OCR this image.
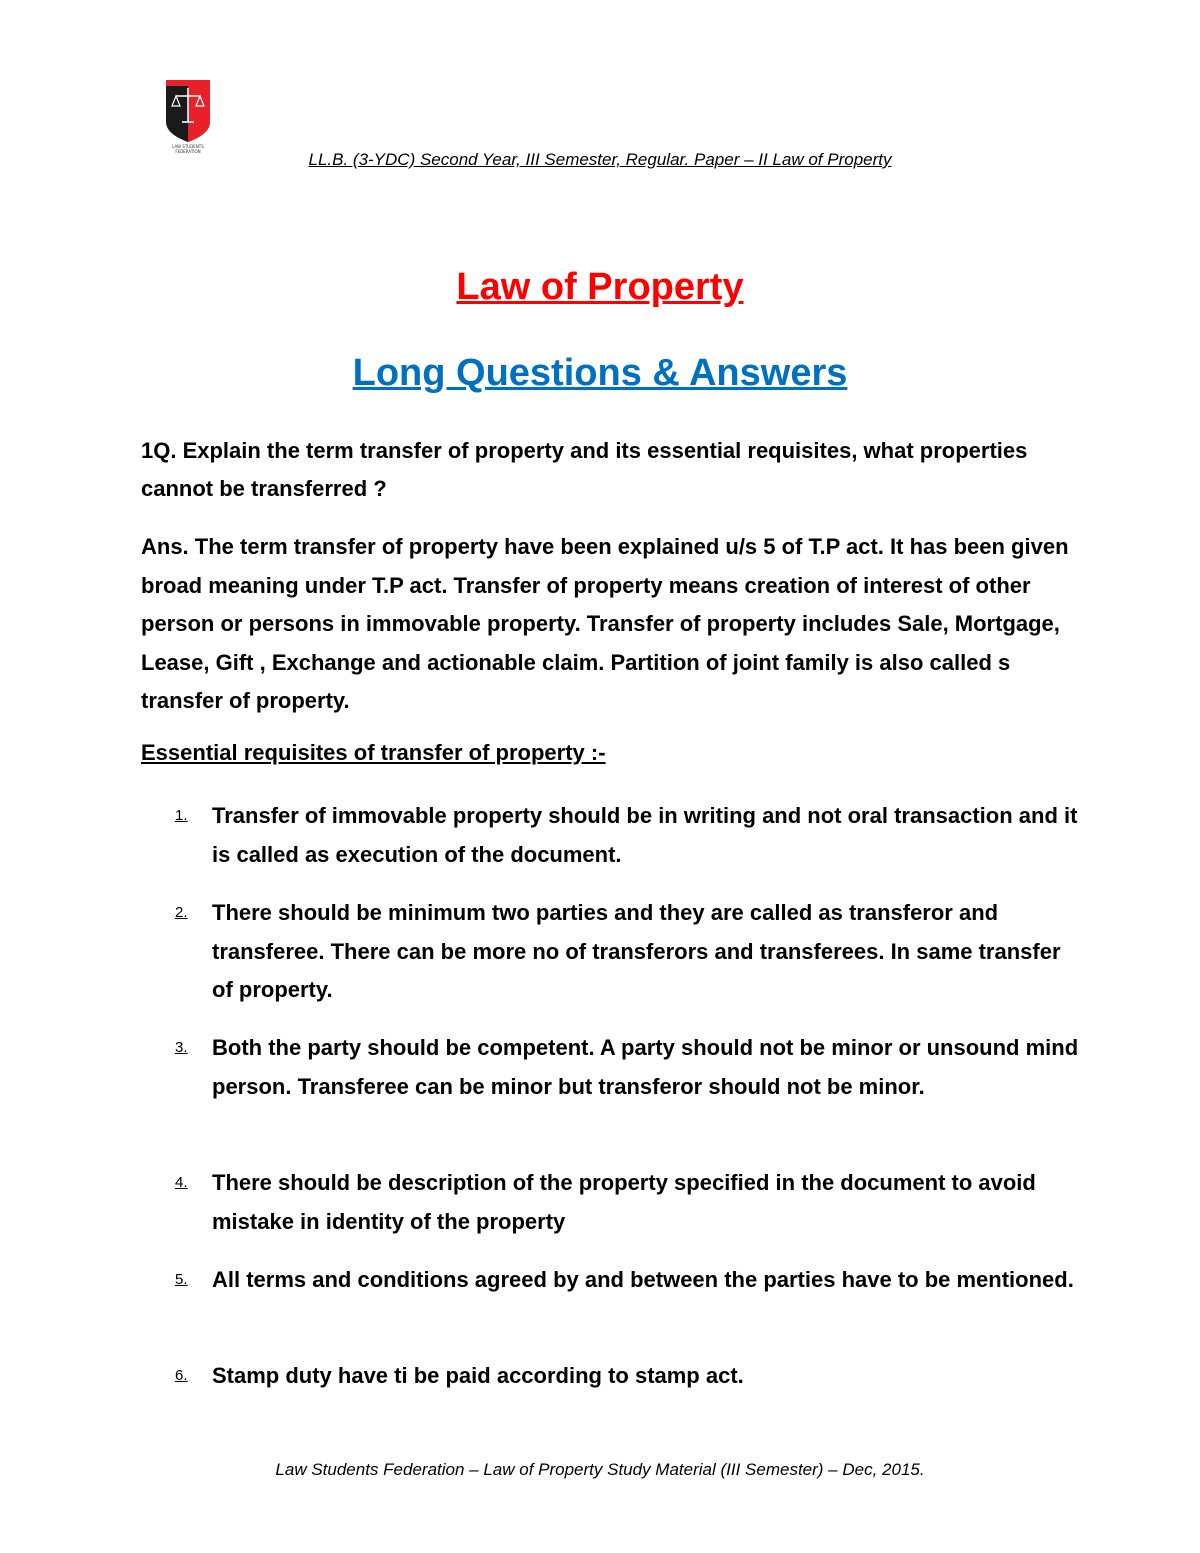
LAW STUDENTS FEDERATION	LL.B. (3-YDC) Second Year, III Semester, Regular. Paper – II Law of Property
Law of Property
Long Questions & Answers
1Q. Explain the term transfer of property and its essential requisites, what properties cannot be transferred ?
Ans. The term transfer of property have been explained u/s 5 of T.P act. It has been given broad meaning under T.P act. Transfer of property means creation of interest of other person or persons in immovable property. Transfer of property includes Sale, Mortgage, Lease, Gift , Exchange and actionable claim. Partition of joint family is also called s transfer of property.
Essential requisites of transfer of property :-
1.	Transfer of immovable property should be in writing and not oral transaction and it is called as execution of the document.
2.	There should be minimum two parties and they are called as transferor and transferee. There can be more no of transferors and transferees. In same transfer of property.
3.	Both the party should be competent. A party should not be minor or unsound mind person. Transferee can be minor but transferor should not be minor.
4.	There should be description of the property specified in the document to avoid mistake in identity of the property
5.	All terms and conditions agreed by and between the parties have to be mentioned.
6.	Stamp duty have ti be paid according to stamp act.
Law Students Federation – Law of Property Study Material (III Semester) – Dec, 2015.
